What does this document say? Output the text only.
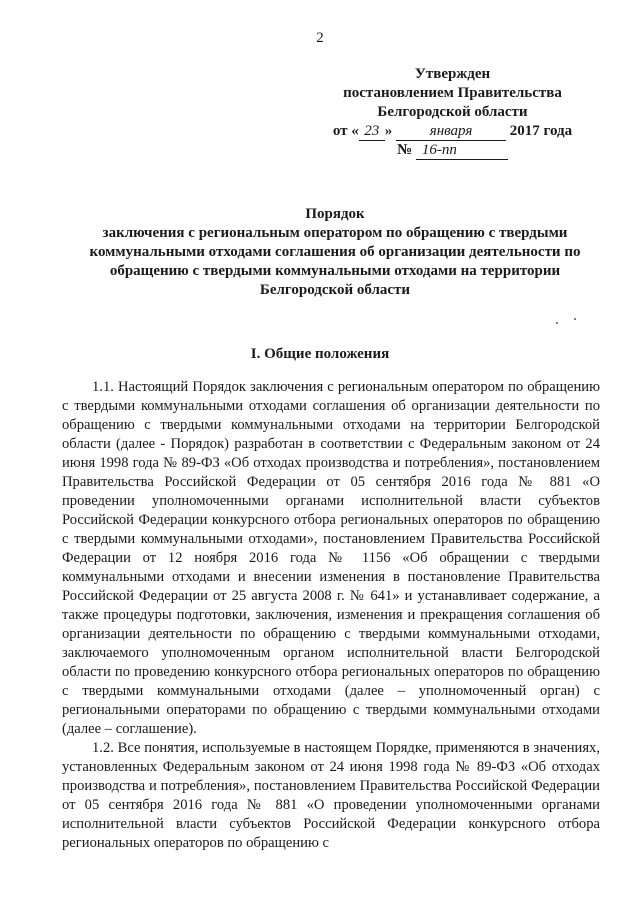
2
Утвержден
постановлением Правительства
Белгородской области
от « 23 » января 2017 года
№ 16-пп
Порядок
заключения с региональным оператором по обращению с твердыми
коммунальными отходами соглашения об организации деятельности по
обращению с твердыми коммунальными отходами на территории
Белгородской области
I. Общие положения

1.1. Настоящий Порядок заключения с региональным оператором по обращению с твердыми коммунальными отходами соглашения об организации деятельности по обращению с твердыми коммунальными отходами на территории Белгородской области (далее - Порядок) разработан в соответствии с Федеральным законом от 24 июня 1998 года № 89-ФЗ «Об отходах производства и потребления», постановлением Правительства Российской Федерации от 05 сентября 2016 года № 881 «О проведении уполномоченными органами исполнительной власти субъектов Российской Федерации конкурсного отбора региональных операторов по обращению с твердыми коммунальными отходами», постановлением Правительства Российской Федерации от 12 ноября 2016 года № 1156 «Об обращении с твердыми коммунальными отходами и внесении изменения в постановление Правительства Российской Федерации от 25 августа 2008 г. № 641» и устанавливает содержание, а также процедуры подготовки, заключения, изменения и прекращения соглашения об организации деятельности по обращению с твердыми коммунальными отходами, заключаемого уполномоченным органом исполнительной власти Белгородской области по проведению конкурсного отбора региональных операторов по обращению с твердыми коммунальными отходами (далее – уполномоченный орган) с региональными операторами по обращению с твердыми коммунальными отходами (далее – соглашение).

1.2. Все понятия, используемые в настоящем Порядке, применяются в значениях, установленных Федеральным законом от 24 июня 1998 года № 89-ФЗ «Об отходах производства и потребления», постановлением Правительства Российской Федерации от 05 сентября 2016 года № 881 «О проведении уполномоченными органами исполнительной власти субъектов Российской Федерации конкурсного отбора региональных операторов по обращению с
